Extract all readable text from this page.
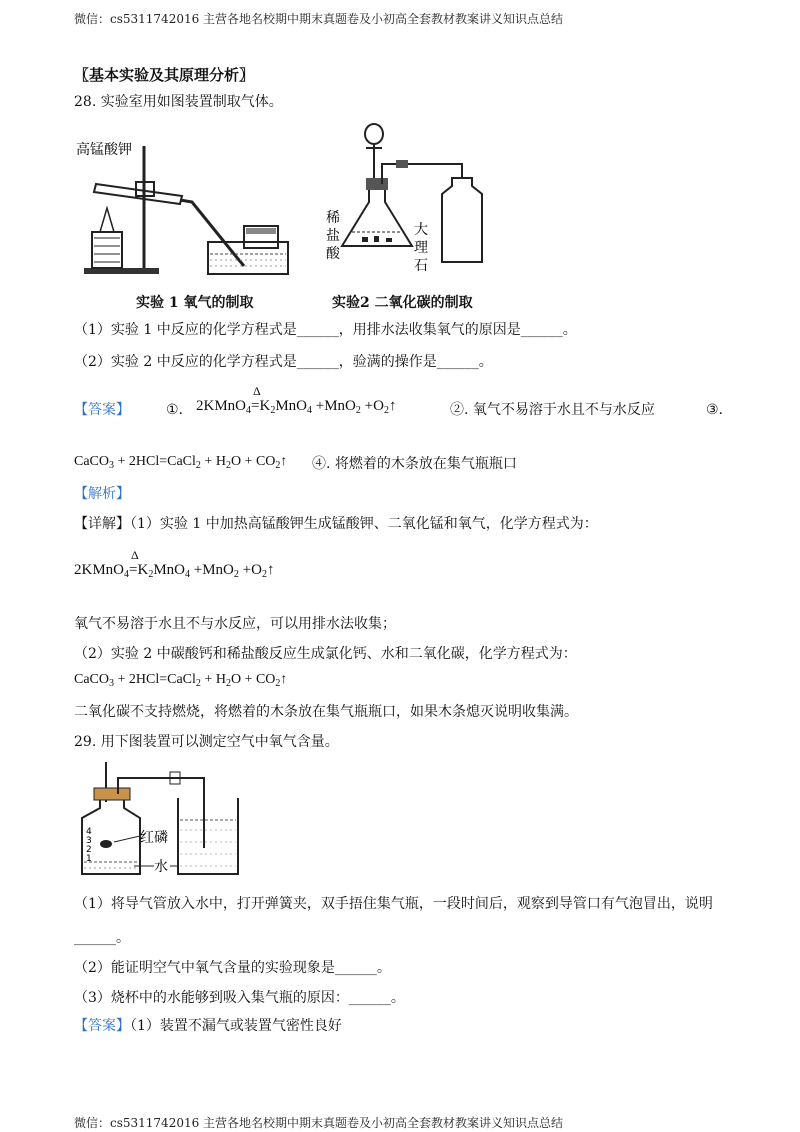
微信：cs5311742016 主营各地名校期中期末真题卷及小初高全套教材教案讲义知识点总结
〖基本实验及其原理分析〗
28. 实验室用如图装置制取气体。
高锰酸钾
实验 1 氧气的制取
稀
盐
酸
大
理
石
实验2 二氧化碳的制取
（1）实验 1 中反应的化学方程式是______，用排水法收集氧气的原因是______。
（2）实验 2 中反应的化学方程式是______，验满的操作是______。
【答案】	①. 2KMnO$_4$
Δ
$=K_2MnO_4 +MnO_2$ $+O_2↑$	②. 氧气不易溶于水且不与水反应	③.
CaCO$_3$ + 2HCl=CaCl$_2$ + $H_2O$ + $CO_2↑$ ④. 将燃着的木条放在集气瓶瓶口
【解析】
【详解】（1）实验 1 中加热高锰酸钾生成锰酸钾、二氧化锰和氧气，化学方程式为：
2KMnO$_4$
Δ
$=K_2MnO_4 +MnO_2$ $+O_2↑$
氧气不易溶于水且不与水反应，可以用排水法收集；
（2）实验 2 中碳酸钙和稀盐酸反应生成氯化钙、水和二氧化碳，化学方程式为：
CaCO$_3$ + 2HCl=CaCl$_2$ + $H_2O$ + $CO_2↑$
二氧化碳不支持燃烧，将燃着的木条放在集气瓶瓶口，如果木条熄灭说明收集满。
29. 用下图装置可以测定空气中氧气含量。
4
3
2
1
红磷
水
（1）将导气管放入水中，打开弹簧夹，双手捂住集气瓶，一段时间后，观察到导管口有气泡冒出，说明
______。
（2）能证明空气中氧气含量的实验现象是______。
（3）烧杯中的水能够到吸入集气瓶的原因：______。
【答案】（1）装置不漏气或装置气密性良好
微信：cs5311742016 主营各地名校期中期末真题卷及小初高全套教材教案讲义知识点总结
